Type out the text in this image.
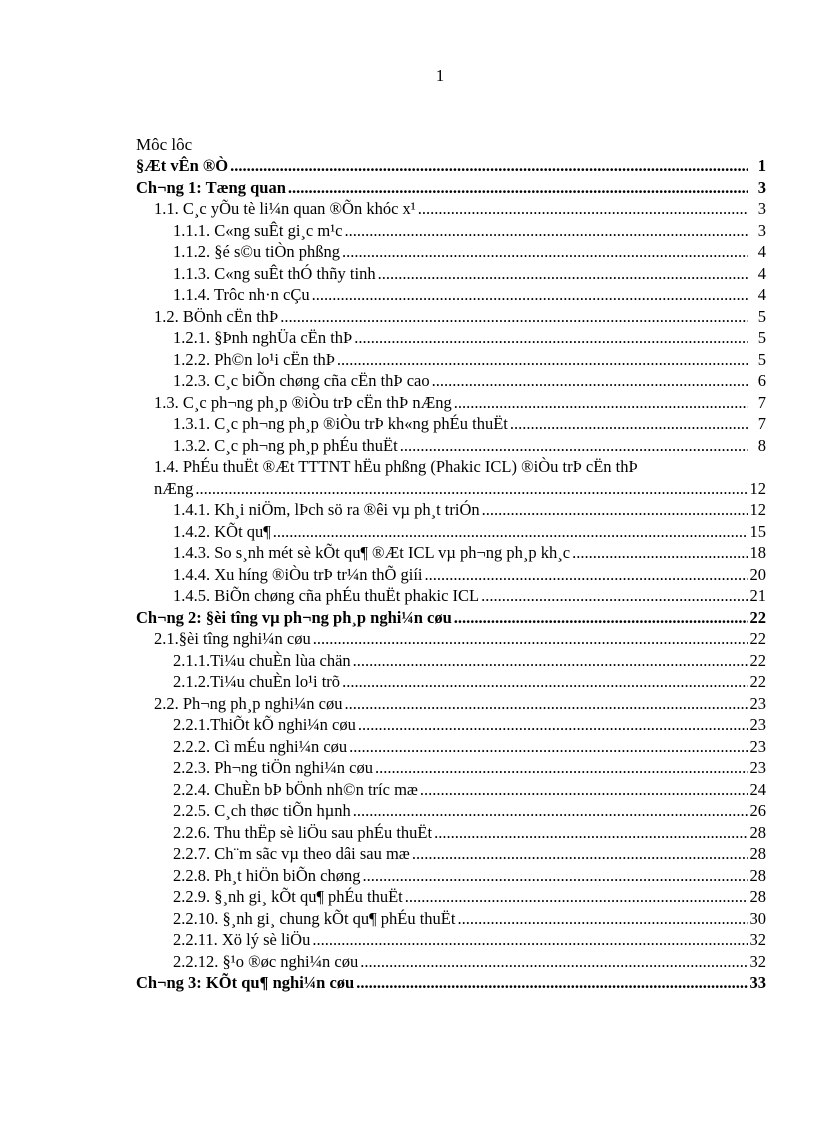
1
Môc lôc
§Æt vÊn ®Ò .....	1
Ch¬ng 1: Tæng quan .....	3
1.1. C¸c yÕu tè li¼n quan ®Õn khóc x¹ .....	3
1.1.1. C«ng suÊt gi¸c m¹c .....	3
1.1.2. §é s©u tiÒn phßng .....	4
1.1.3. C«ng suÊt thÓ thñy tinh .....	4
1.1.4. Trôc nh·n cÇu .....	4
1.2. BÖnh cËn thÞ .....	5
1.2.1. §Þnh nghÜa cËn thÞ .....	5
1.2.2. Ph©n lo¹i cËn thÞ .....	5
1.2.3. C¸c biÕn chøng cña cËn thÞ cao .....	6
1.3. C¸c ph¬ng ph¸p ®iÒu trÞ cËn thÞ nÆng .....	7
1.3.1. C¸c ph¬ng ph¸p ®iÒu trÞ kh«ng phÉu thuËt .....	7
1.3.2. C¸c ph¬ng ph¸p phÉu thuËt .....	8
1.4. PhÉu thuËt ®Æt TTTNT hËu phßng (Phakic ICL) ®iÒu trÞ cËn thÞ
nÆng .....	12
1.4.1. Kh¸i niÖm, lÞch sö ra ®êi vµ ph¸t triÓn .....	12
1.4.2. KÕt qu¶ .....	15
1.4.3. So s¸nh mét sè kÕt qu¶ ®Æt ICL vµ ph¬ng ph¸p kh¸c .....	18
1.4.4. Xu híng ®iÒu trÞ tr¼n thÕ giíi .....	20
1.4.5. BiÕn chøng cña phÉu thuËt phakic ICL .....	21
Ch¬ng 2: §èi tîng vµ ph¬ng ph¸p nghi¼n cøu .....	22
2.1.§èi tîng nghi¼n cøu .....	22
2.1.1.Ti¼u chuÈn lùa chän .....	22
2.1.2.Ti¼u chuÈn lo¹i trõ .....	22
2.2. Ph¬ng ph¸p nghi¼n cøu .....	23
2.2.1.ThiÕt kÕ nghi¼n cøu .....	23
2.2.2. Cì mÉu nghi¼n cøu .....	23
2.2.3. Ph¬ng tiÖn nghi¼n cøu .....	23
2.2.4. ChuÈn bÞ bÖnh nh©n tríc mæ .....	24
2.2.5. C¸ch thøc tiÕn hµnh .....	26
2.2.6. Thu thËp sè liÖu sau phÉu thuËt .....	28
2.2.7. Ch¨m sãc vµ theo dâi sau mæ .....	28
2.2.8. Ph¸t hiÖn biÕn chøng .....	28
2.2.9. §¸nh gi¸ kÕt qu¶ phÉu thuËt .....	28
2.2.10. §¸nh gi¸ chung kÕt qu¶ phÉu thuËt .....	30
2.2.11. Xö lý sè liÖu .....	32
2.2.12. §¹o ®øc nghi¼n cøu .....	32
Ch¬ng 3: KÕt qu¶ nghi¼n cøu .....	33
